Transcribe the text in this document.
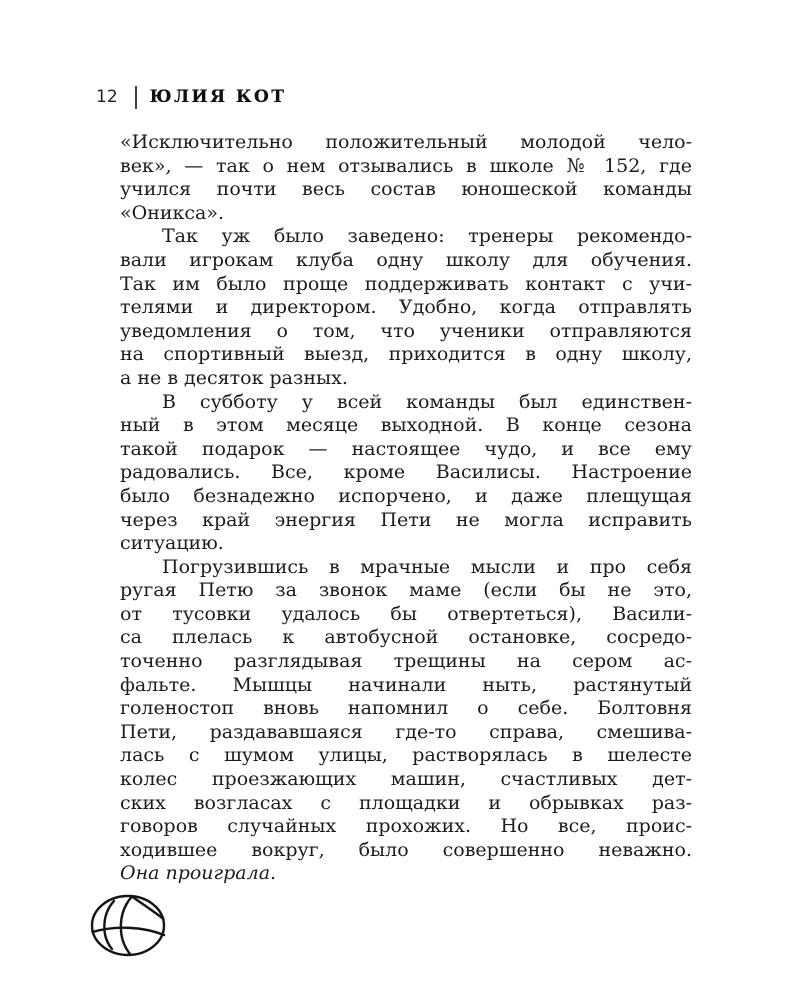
12 ЮЛИЯ КОТ
«Исключительно положительный молодой чело-
век», — так о нем отзывались в школе № 152, где
учился почти весь состав юношеской команды
«Оникса».
Так уж было заведено: тренеры рекомендо-
вали игрокам клуба одну школу для обучения.
Так им было проще поддерживать контакт с учи-
телями и директором. Удобно, когда отправлять
уведомления о том, что ученики отправляются
на спортивный выезд, приходится в одну школу,
а не в десяток разных.
В субботу у всей команды был единствен-
ный в этом месяце выходной. В конце сезона
такой подарок — настоящее чудо, и все ему
радовались. Все, кроме Василисы. Настроение
было безнадежно испорчено, и даже плещущая
через край энергия Пети не могла исправить
ситуацию.
Погрузившись в мрачные мысли и про себя
ругая Петю за звонок маме (если бы не это,
от тусовки удалось бы отвертеться), Васили-
са плелась к автобусной остановке, сосредо-
точенно разглядывая трещины на сером ас-
фальте. Мышцы начинали ныть, растянутый
голеностоп вновь напомнил о себе. Болтовня
Пети, раздававшаяся где-то справа, смешива-
лась с шумом улицы, растворялась в шелесте
колес проезжающих машин, счастливых дет-
ских возгласах с площадки и обрывках раз-
говоров случайных прохожих. Но все, проис-
ходившее вокруг, было совершенно неважно.
Она проиграла.
